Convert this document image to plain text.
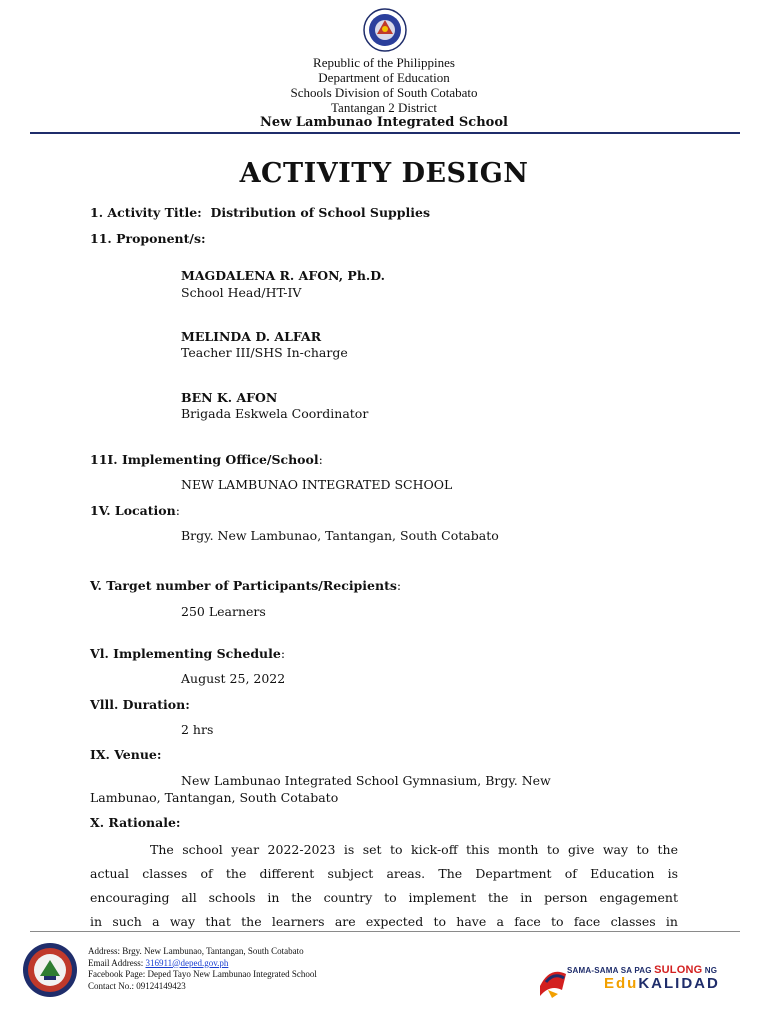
Republic of the Philippines
Department of Education
Schools Division of South Cotabato
Tantangan 2 District
New Lambunao Integrated School
ACTIVITY DESIGN
1. Activity Title: Distribution of School Supplies
11. Proponent/s:
MAGDALENA R. AFON, Ph.D.
School Head/HT-IV
MELINDA D. ALFAR
Teacher III/SHS In-charge
BEN K. AFON
Brigada Eskwela Coordinator
11I. Implementing Office/School:
NEW LAMBUNAO INTEGRATED SCHOOL
1V. Location:
Brgy. New Lambunao, Tantangan, South Cotabato
V. Target number of Participants/Recipients:
250 Learners
Vl. Implementing Schedule:
August 25, 2022
Vlll. Duration:
2 hrs
IX. Venue:
New Lambunao Integrated School Gymnasium, Brgy. New
Lambunao, Tantangan, South Cotabato
X. Rationale:
The school year 2022-2023 is set to kick-off this month to give way to the
actual classes of the different subject areas. The Department of Education is
encouraging all schools in the country to implement the in person engagement
in such a way that the learners are expected to have a face to face classes in
Address: Brgy. New Lambunao, Tantangan, South Cotabato
Email Address: 316911@deped.gov.ph
Facebook Page: Deped Tayo New Lambunao Integrated School
Contact No.: 09124149423
SAMA-SAMA SA PAG SULONG NG
EduKALIDAD
